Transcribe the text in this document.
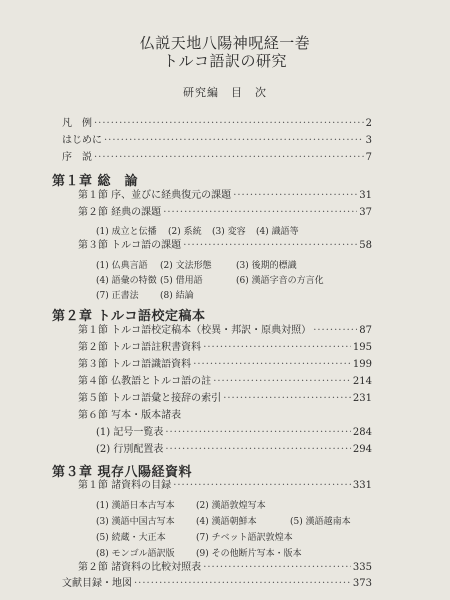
仏説天地八陽神呪経一巻
トルコ語訳の研究
研究編　目　次
凡　例 ·····	2
はじめに ·····	3
序　説 ·····	7
第１章 総　論
第１節 序、並びに経典復元の課題 ·····	31
第２節 経典の課題 ·····	37
(1) 成立と伝播 (2) 系統 (3) 変容 (4) 識語等
第３節 トルコ語の課題 ·····	58
(1) 仏典言語 (2) 文法形態	(3) 後期的標識
(4) 語彙の特徴 (5) 借用語	(6) 漢語字音の方言化
(7) 正書法 (8) 結論
第２章 トルコ語校定稿本
第１節 トルコ語校定稿本（校異・邦訳・原典対照） ·····	87
第２節 トルコ語註釈書資料 ·····	195
第３節 トルコ語識語資料 ·····	199
第４節 仏教語とトルコ語の註 ·····	214
第５節 トルコ語彙と接辞の索引 ·····	231
第６節 写本・版本諸表
(1) 記号一覧表 ·····	284
(2) 行別配置表 ·····	294
第３章 現存八陽経資料
第１節 諸資料の目録 ·····	331
(1) 漢語日本古写本 (2) 漢語敦煌写本
(3) 漢語中国古写本 (4) 漢語朝鮮本	(5) 漢語越南本
(5) 続蔵・大正本	(7) チベット語訳敦煌本
(8) モンゴル語訳版 (9) その他断片写本・版本
第２節 諸資料の比較対照表 ·····	335
文献目録・地図 ·····	373
